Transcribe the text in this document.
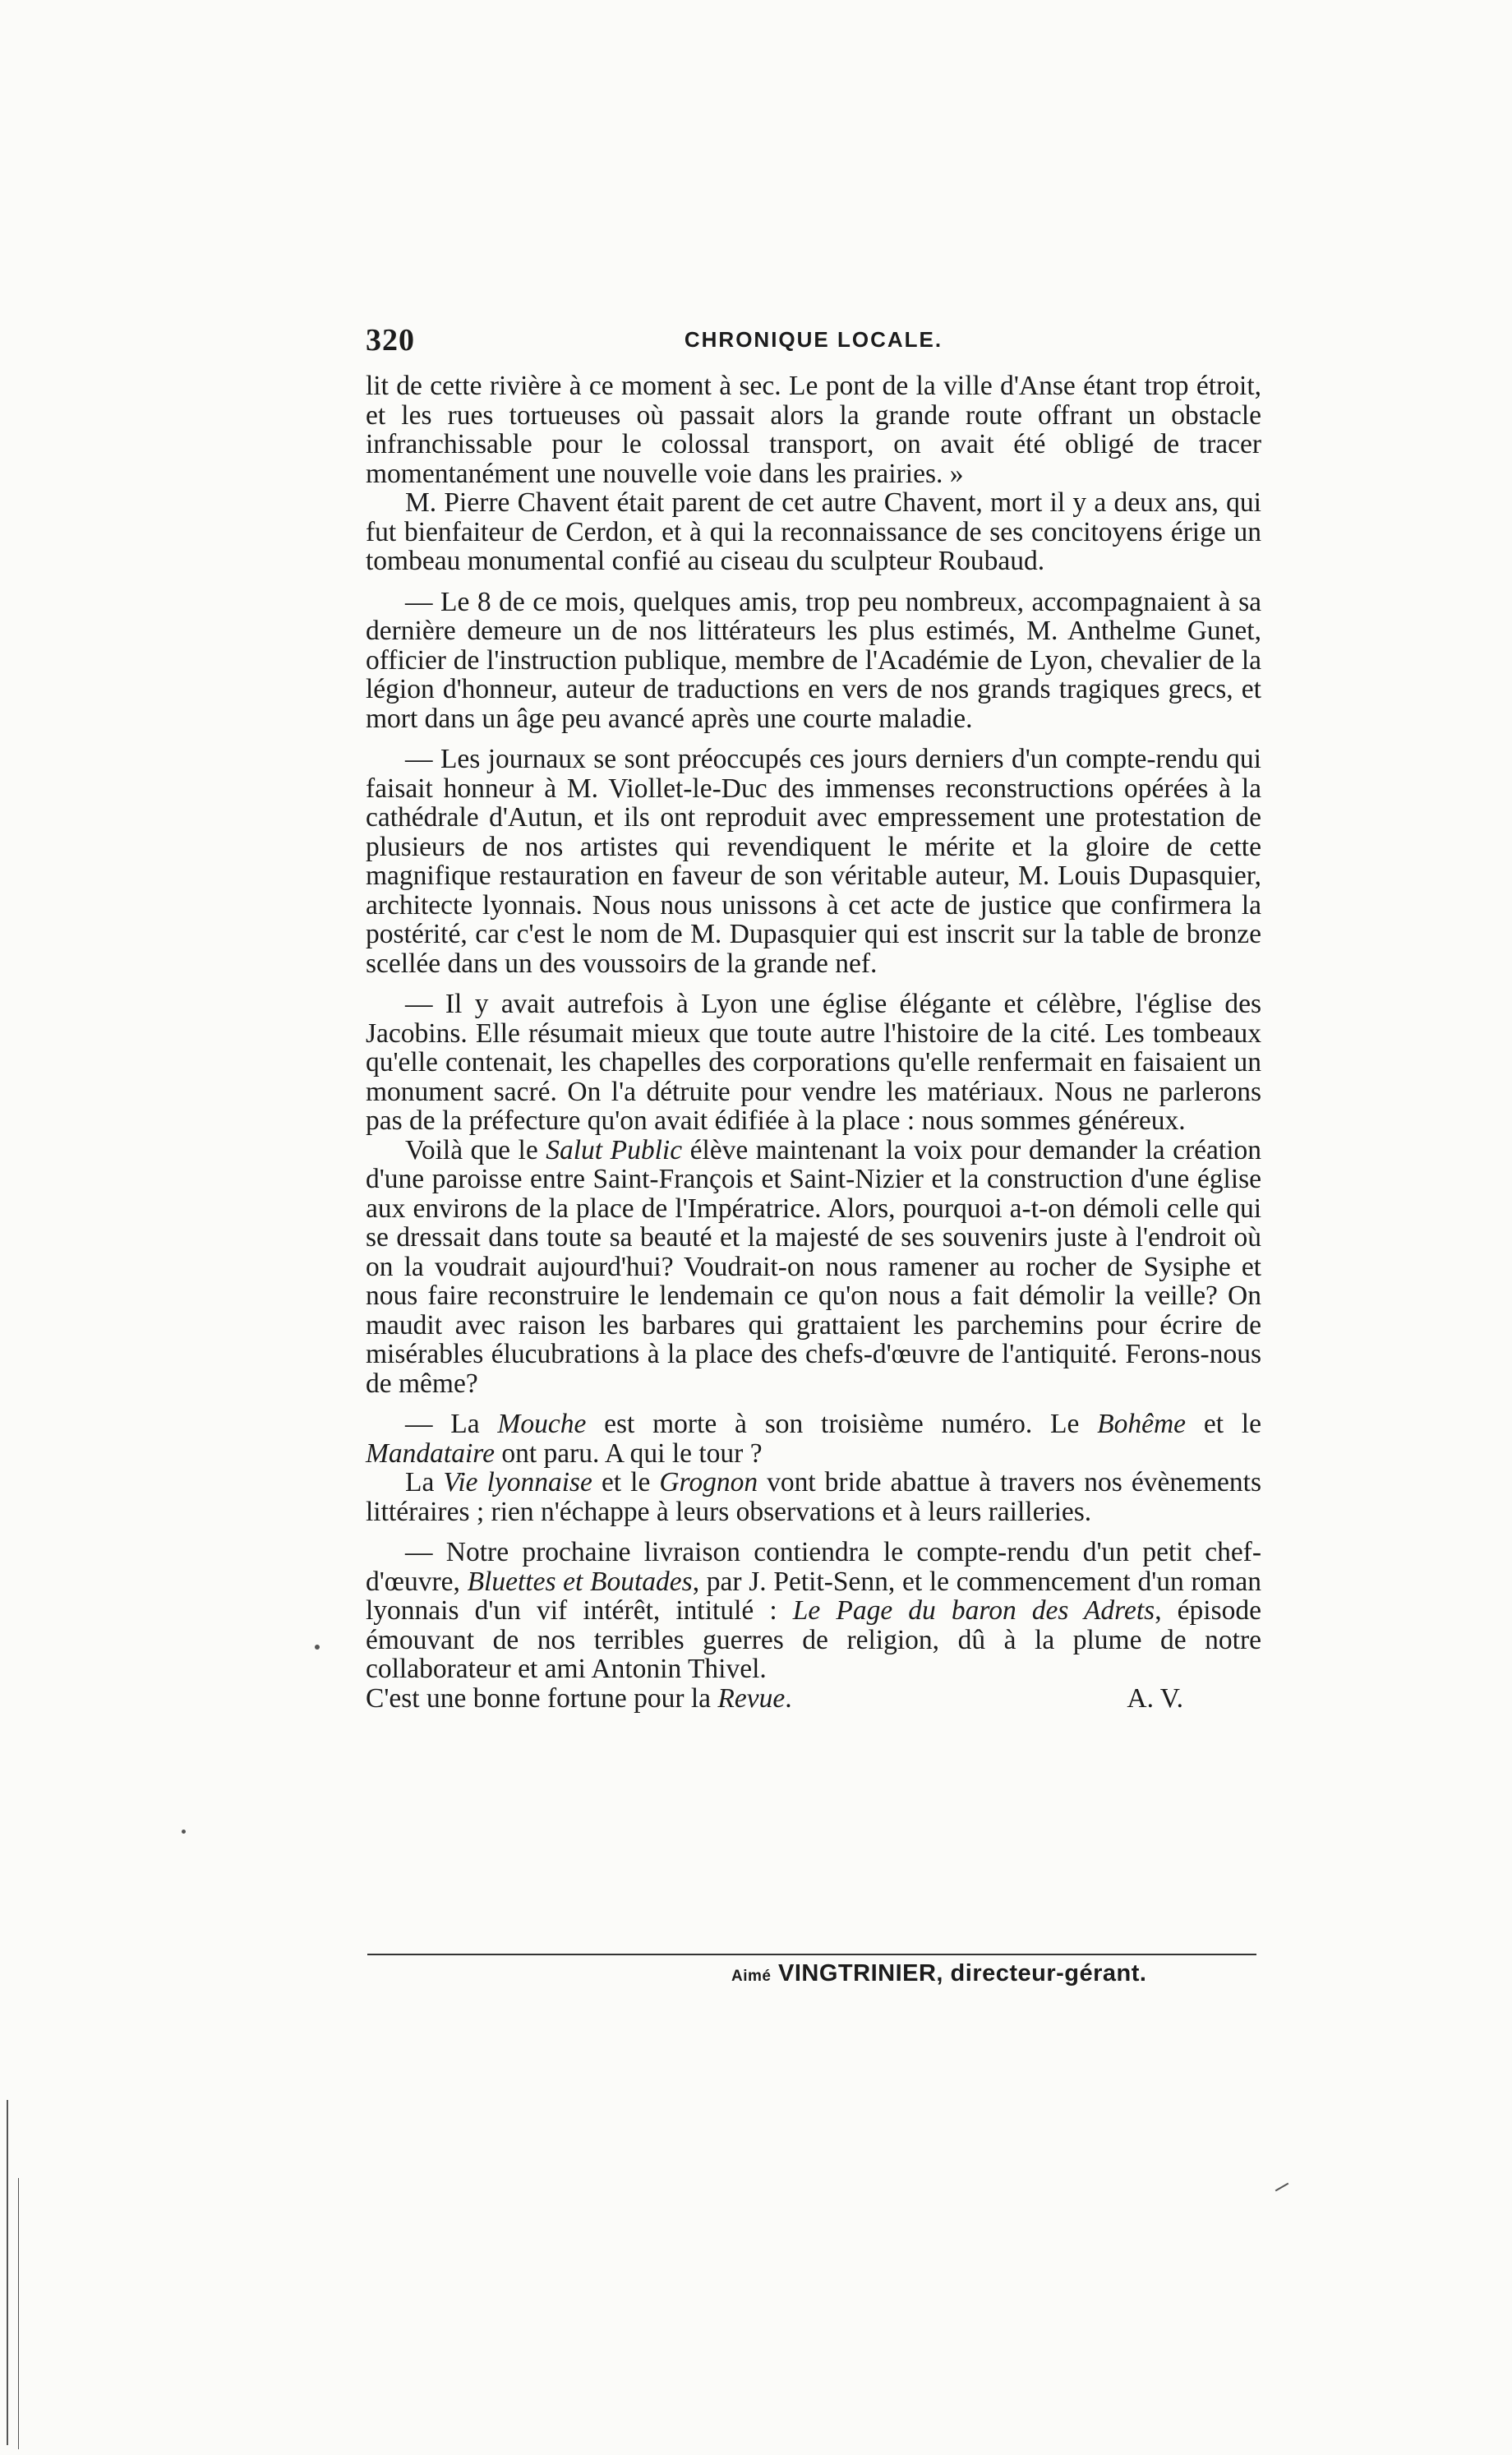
320	CHRONIQUE LOCALE.

lit de cette rivière à ce moment à sec. Le pont de la ville d'Anse étant trop étroit, et les rues tortueuses où passait alors la grande route offrant un obstacle infranchissable pour le colossal transport, on avait été obligé de tracer momentanément une nouvelle voie dans les prairies. »

M. Pierre Chavent était parent de cet autre Chavent, mort il y a deux ans, qui fut bienfaiteur de Cerdon, et à qui la reconnaissance de ses concitoyens érige un tombeau monumental confié au ciseau du sculpteur Roubaud.

— Le 8 de ce mois, quelques amis, trop peu nombreux, accompagnaient à sa dernière demeure un de nos littérateurs les plus estimés, M. Anthelme Gunet, officier de l'instruction publique, membre de l'Académie de Lyon, chevalier de la légion d'honneur, auteur de traductions en vers de nos grands tragiques grecs, et mort dans un âge peu avancé après une courte maladie.

— Les journaux se sont préoccupés ces jours derniers d'un compte-rendu qui faisait honneur à M. Viollet-le-Duc des immenses reconstructions opérées à la cathédrale d'Autun, et ils ont reproduit avec empressement une protestation de plusieurs de nos artistes qui revendiquent le mérite et la gloire de cette magnifique restauration en faveur de son véritable auteur, M. Louis Dupasquier, architecte lyonnais. Nous nous unissons à cet acte de justice que confirmera la postérité, car c'est le nom de M. Dupasquier qui est inscrit sur la table de bronze scellée dans un des voussoirs de la grande nef.

— Il y avait autrefois à Lyon une église élégante et célèbre, l'église des Jacobins. Elle résumait mieux que toute autre l'histoire de la cité. Les tombeaux qu'elle contenait, les chapelles des corporations qu'elle renfermait en faisaient un monument sacré. On l'a détruite pour vendre les matériaux. Nous ne parlerons pas de la préfecture qu'on avait édifiée à la place : nous sommes généreux.

Voilà que le Salut Public élève maintenant la voix pour demander la création d'une paroisse entre Saint-François et Saint-Nizier et la construction d'une église aux environs de la place de l'Impératrice. Alors, pourquoi a-t-on démoli celle qui se dressait dans toute sa beauté et la majesté de ses souvenirs juste à l'endroit où on la voudrait aujourd'hui? Voudrait-on nous ramener au rocher de Sysiphe et nous faire reconstruire le lendemain ce qu'on nous a fait démolir la veille? On maudit avec raison les barbares qui grattaient les parchemins pour écrire de misérables élucubrations à la place des chefs-d'œuvre de l'antiquité. Ferons-nous de même?

— La Mouche est morte à son troisième numéro. Le Bohême et le Mandataire ont paru. A qui le tour ?

La Vie lyonnaise et le Grognon vont bride abattue à travers nos évènements littéraires ; rien n'échappe à leurs observations et à leurs railleries.

— Notre prochaine livraison contiendra le compte-rendu d'un petit chef-d'œuvre, Bluettes et Boutades, par J. Petit-Senn, et le commencement d'un roman lyonnais d'un vif intérêt, intitulé : Le Page du baron des Adrets, épisode émouvant de nos terribles guerres de religion, dû à la plume de notre collaborateur et ami Antonin Thivel.

C'est une bonne fortune pour la Revue.	A. V.

Aimé VINGTRINIER, directeur-gérant.
